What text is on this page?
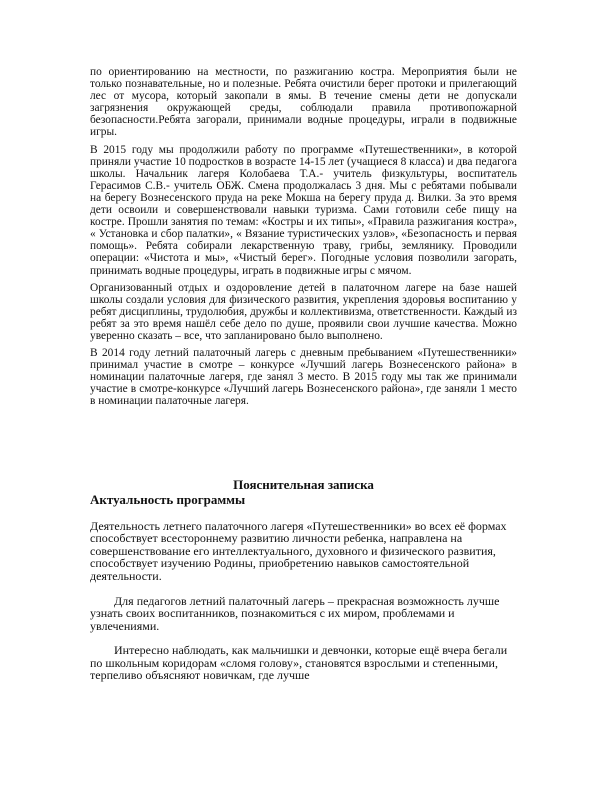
по ориентированию на местности, по разжиганию костра. Мероприятия были не только познавательные, но и полезные. Ребята очистили берег протоки и прилегающий лес от мусора, который закопали в ямы. В течение смены дети не допускали загрязнения окружающей среды, соблюдали правила противопожарной безопасности.Ребята загорали, принимали водные процедуры, играли в подвижные игры.

В 2015 году мы продолжили работу по программе «Путешественники», в которой приняли участие 10 подростков в возрасте 14-15 лет (учащиеся 8 класса) и два педагога школы. Начальник лагеря Колобаева Т.А.- учитель физкультуры, воспитатель Герасимов С.В.- учитель ОБЖ. Смена продолжалась 3 дня. Мы с ребятами побывали на берегу Вознесенского пруда на реке Мокша на берегу пруда д. Вилки. За это время дети освоили и совершенствовали навыки туризма. Сами готовили себе пищу на костре. Прошли занятия по темам: «Костры и их типы», «Правила разжигания костра», « Установка и сбор палатки», « Вязание туристических узлов», «Безопасность и первая помощь». Ребята собирали лекарственную траву, грибы, землянику. Проводили операции: «Чистота и мы», «Чистый берег». Погодные условия позволили загорать, принимать водные процедуры, играть в подвижные игры с мячом.

Организованный отдых и оздоровление детей в палаточном лагере на базе нашей школы создали условия для физического развития, укрепления здоровья воспитанию у ребят дисциплины, трудолюбия, дружбы и коллективизма, ответственности. Каждый из ребят за это время нашёл себе дело по душе, проявили свои лучшие качества. Можно уверенно сказать – все, что запланировано было выполнено.

В 2014 году летний палаточный лагерь с дневным пребыванием «Путешественники» принимал участие в смотре – конкурсе «Лучший лагерь Вознесенского района» в номинации палаточные лагеря, где занял 3 место. В 2015 году мы так же принимали участие в смотре-конкурсе «Лучший лагерь Вознесенского района», где заняли 1 место в номинации палаточные лагеря.

Пояснительная записка
Актуальность программы

Деятельность летнего палаточного лагеря «Путешественники» во всех её формах способствует всестороннему развитию личности ребенка, направлена на совершенствование его интеллектуального, духовного и физического развития, способствует изучению Родины, приобретению навыков самостоятельной деятельности.

Для педагогов летний палаточный лагерь – прекрасная возможность лучше узнать своих воспитанников, познакомиться с их миром, проблемами и увлечениями.

Интересно наблюдать, как мальчишки и девчонки, которые ещё вчера бегали по школьным коридорам «сломя голову», становятся взрослыми и степенными, терпеливо объясняют новичкам, где лучше
